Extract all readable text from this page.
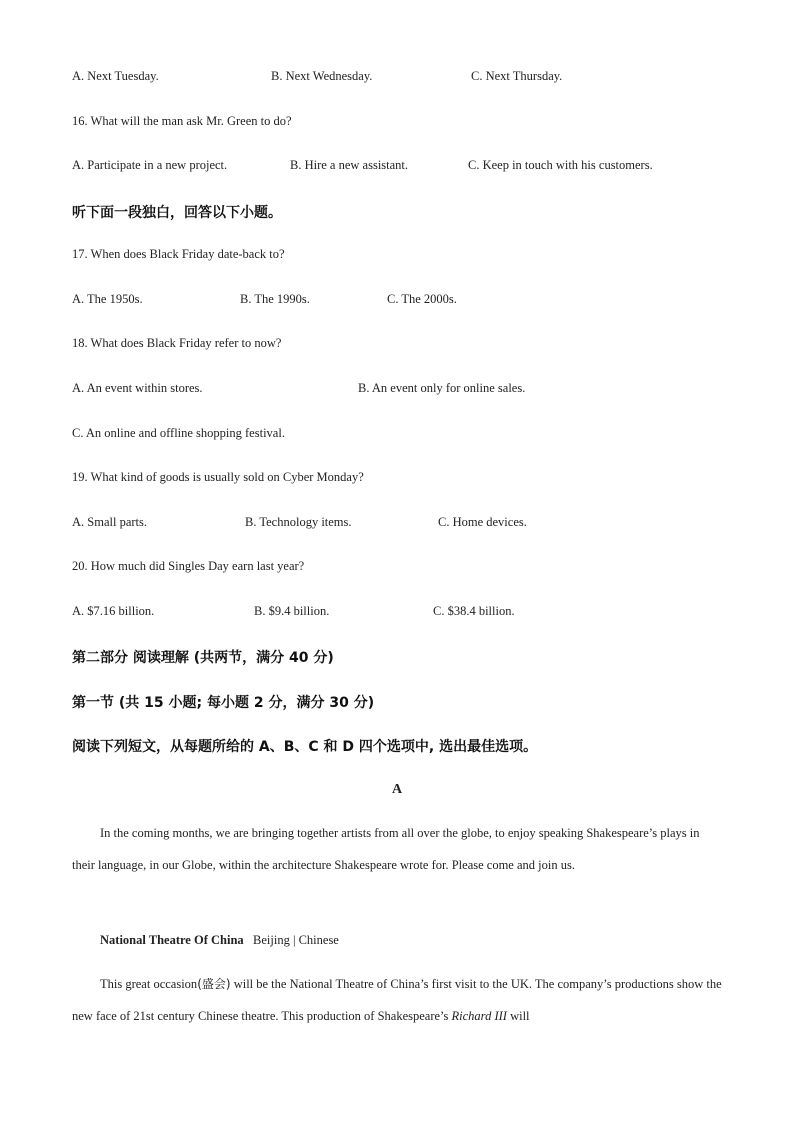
A. Next Tuesday.	B. Next Wednesday.	C. Next Thursday.
16. What will the man ask Mr. Green to do?
A. Participate in a new project.	B. Hire a new assistant.	C. Keep in touch with his customers.
听下面一段独白，回答以下小题。
17. When does Black Friday date-back to?
A. The 1950s.	B. The 1990s.	C. The 2000s.
18. What does Black Friday refer to now?
A. An event within stores.	B. An event only for online sales.
C. An online and offline shopping festival.
19. What kind of goods is usually sold on Cyber Monday?
A. Small parts.	B. Technology items.	C. Home devices.
20. How much did Singles Day earn last year?
A. $7.16 billion.	B. $9.4 billion.	C. $38.4 billion.
第二部分 阅读理解 (共两节，满分 40 分)
第一节 (共 15 小题; 每小题 2 分，满分 30 分)
阅读下列短文，从每题所给的 A、B、C 和 D 四个选项中, 选出最佳选项。
A
In the coming months, we are bringing together artists from all over the globe, to enjoy speaking Shakespeare’s plays in their language, in our Globe, within the architecture Shakespeare wrote for. Please come and join us.
National Theatre Of China Beijing | Chinese
This great occasion(盛会) will be the National Theatre of China’s first visit to the UK. The company’s productions show the new face of 21st century Chinese theatre. This production of Shakespeare’s Richard III will
